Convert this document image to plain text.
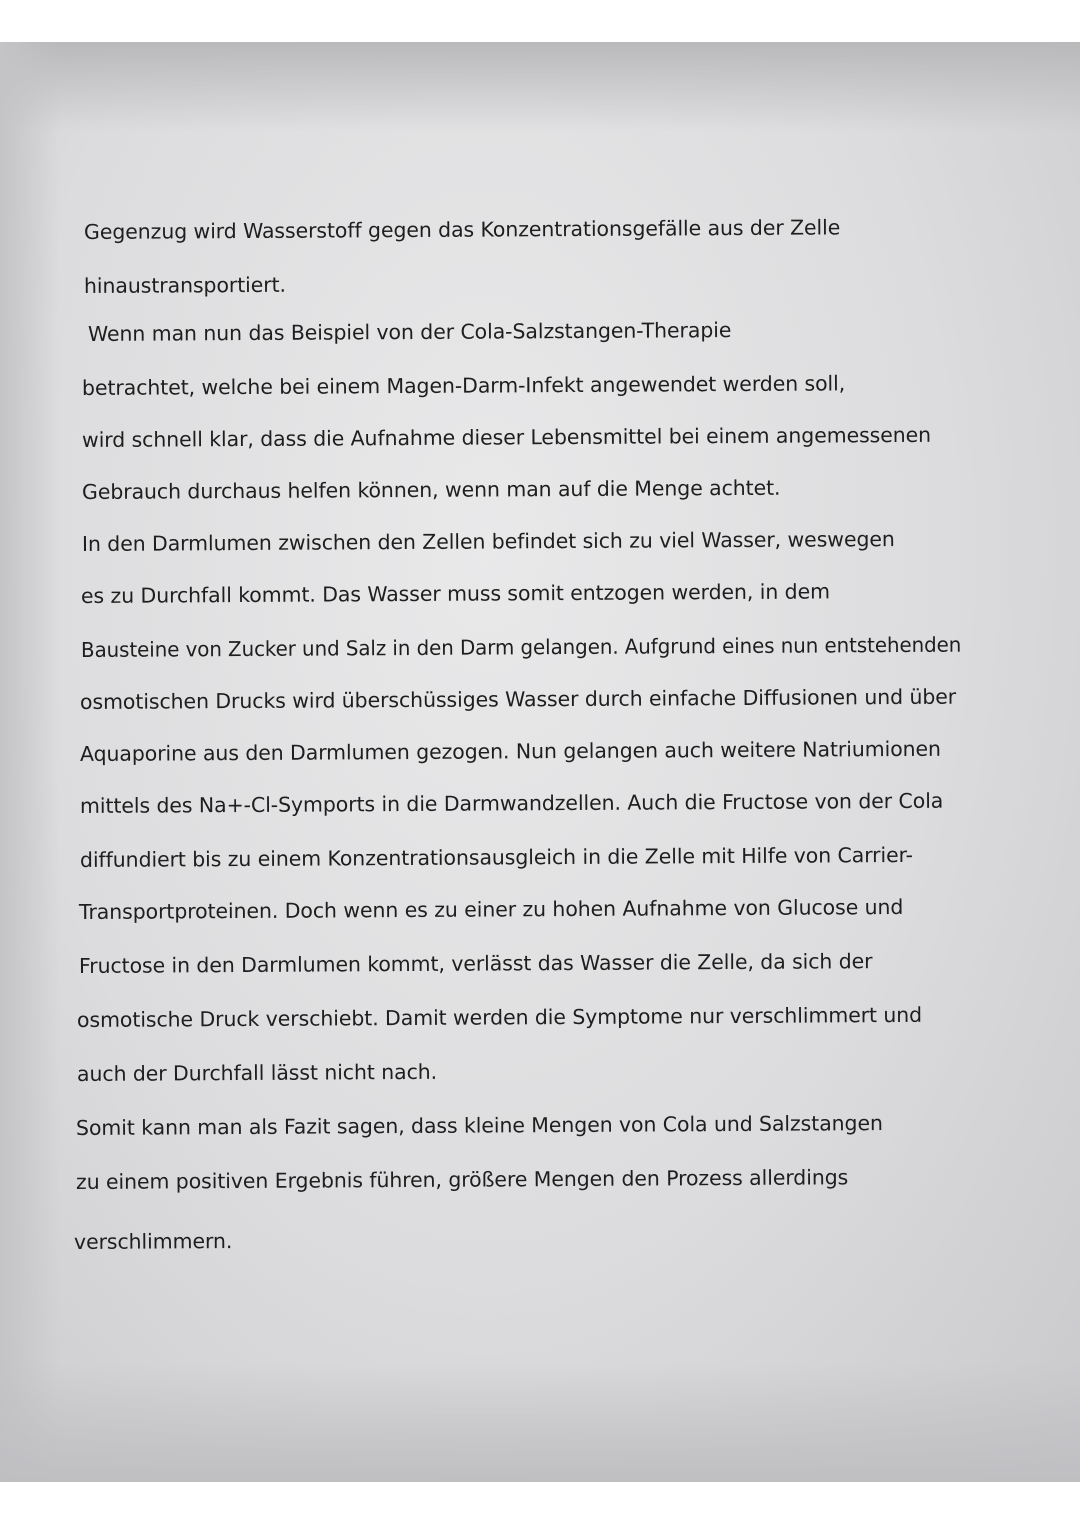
Gegenzug wird Wasserstoff gegen das Konzentrationsgefälle aus der Zelle
hinaustransportiert.
Wenn man nun das Beispiel von der Cola-Salzstangen-Therapie
betrachtet, welche bei einem Magen-Darm-Infekt angewendet werden soll,
wird schnell klar, dass die Aufnahme dieser Lebensmittel bei einem angemessenen
Gebrauch durchaus helfen können, wenn man auf die Menge achtet.
In den Darmlumen zwischen den Zellen befindet sich zu viel Wasser, weswegen
es zu Durchfall kommt. Das Wasser muss somit entzogen werden, in dem
Bausteine von Zucker und Salz in den Darm gelangen. Aufgrund eines nun entstehenden
osmotischen Drucks wird überschüssiges Wasser durch einfache Diffusionen und über
Aquaporine aus den Darmlumen gezogen. Nun gelangen auch weitere Natriumionen
mittels des Na+-Cl-Symports in die Darmwandzellen. Auch die Fructose von der Cola
diffundiert bis zu einem Konzentrationsausgleich in die Zelle mit Hilfe von Carrier-
Transportproteinen. Doch wenn es zu einer zu hohen Aufnahme von Glucose und
Fructose in den Darmlumen kommt, verlässt das Wasser die Zelle, da sich der
osmotische Druck verschiebt. Damit werden die Symptome nur verschlimmert und
auch der Durchfall lässt nicht nach.
Somit kann man als Fazit sagen, dass kleine Mengen von Cola und Salzstangen
zu einem positiven Ergebnis führen, größere Mengen den Prozess allerdings
verschlimmern.
